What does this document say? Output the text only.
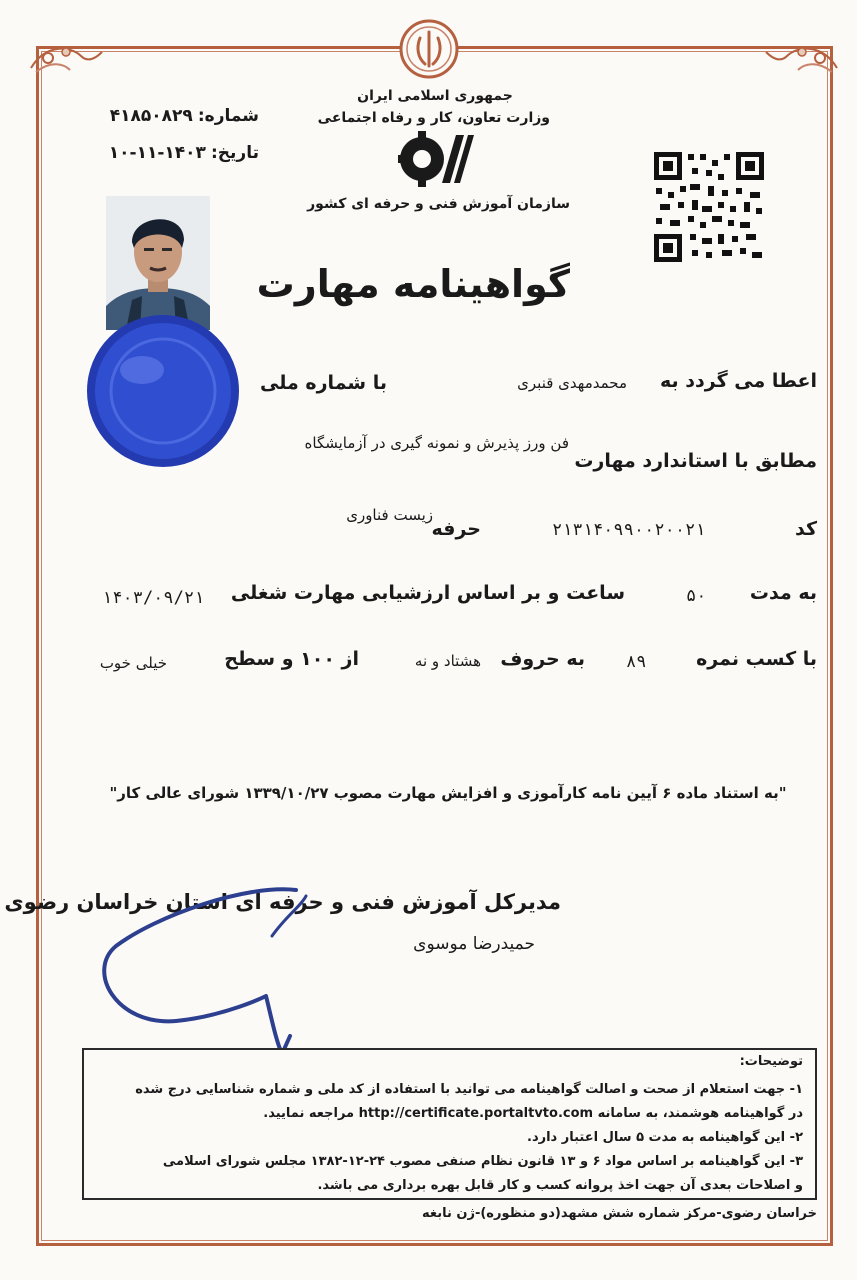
جمهوری اسلامی ایران
وزارت تعاون، کار و رفاه اجتماعی
سازمان آموزش فنی و حرفه ای کشور
شماره: ۴۱۸۵۰۸۲۹
تاریخ: ۱۴۰۳-۱۱-۱۰
گواهینامه مهارت
اعطا می گردد به
محمدمهدی قنبری
با شماره ملی
مطابق با استاندارد مهارت
فن ورز پذیرش و نمونه گیری در آزمایشگاه
کد
۲۱۳۱۴۰۹۹۰۰۲۰۰۲۱
حرفه
زیست فناوری
به مدت
۵۰
ساعت و بر اساس ارزشیابی مهارت شغلی
۱۴۰۳/۰۹/۲۱
با کسب نمره
۸۹
به حروف
هشتاد و نه
از ۱۰۰ و سطح
خیلی خوب
"به استناد ماده ۶ آیین نامه کارآموزی و افزایش مهارت مصوب ۱۳۳۹/۱۰/۲۷ شورای عالی کار"
مدیرکل آموزش فنی و حرفه ای استان خراسان رضوی
حمیدرضا موسوی
توضیحات:
۱- جهت استعلام از صحت و اصالت گواهینامه می توانید با استفاده از کد ملی و شماره شناسایی درج شده
در گواهینامه هوشمند، به سامانه http://certificate.portaltvto.com مراجعه نمایید.
۲- این گواهینامه به مدت ۵ سال اعتبار دارد.
۳- این گواهینامه بر اساس مواد ۶ و ۱۳ قانون نظام صنفی مصوب ۲۴-۱۲-۱۳۸۲ مجلس شورای اسلامی
و اصلاحات بعدی آن جهت اخذ پروانه کسب و کار قابل بهره برداری می باشد.
خراسان رضوی-مرکز شماره شش مشهد(دو منظوره)-ژن نابغه
